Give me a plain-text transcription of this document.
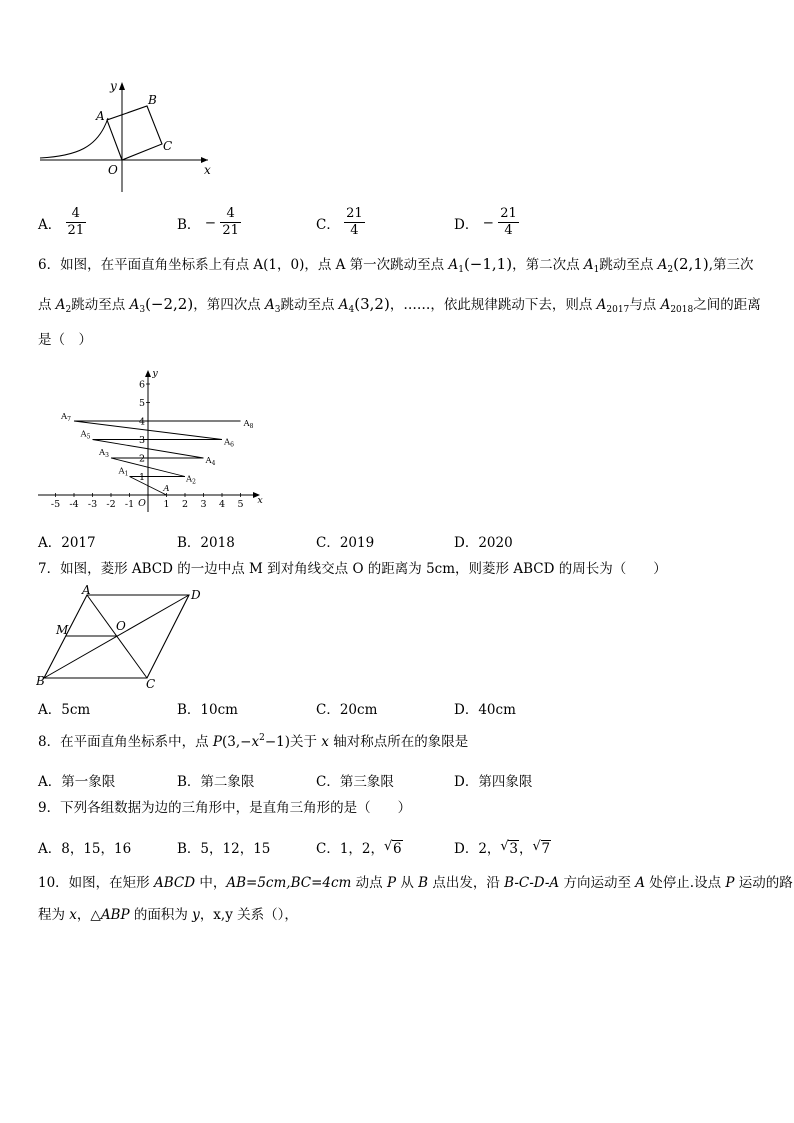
y
x
O
A
B
C
A． $\frac{4}{21}$	B． − $\frac{4}{21}$	C． $\frac{21}{4}$	D． − $\frac{21}{4}$
6．如图，在平面直角坐标系上有点 A(1，0)，点 A 第一次跳动至点 $A_1(-1,1)$，第二次点 $A_1$跳动至点 $A_2(2,1)$,第三次
点 $A_2$跳动至点 $A_3(-2,2)$，第四次点 $A_3$跳动至点 $A_4(3,2)$，……，依此规律跳动下去，则点 $A_{2017}$与点 $A_{2018}$之间的距离
是（　）
y
x
O
-5 -4 -3 -2 -1	1 2 3 4 5
1
2
3
4
5
6
A
$A_1$
$A_2$
$A_3$
$A_4$
$A_5$
$A_6$
$A_7$	$A_8$
A．2017	B．2018	C．2019	D．2020
7．如图，菱形 ABCD 的一边中点 M 到对角线交点 O 的距离为 5cm，则菱形 ABCD 的周长为（　　）
A	D
B	C
M	O
A．5cm	B．10cm	C．20cm	D．40cm
8．在平面直角坐标系中，点 $P(3,-x^2-1)$关于 x 轴对称点所在的象限是
A．第一象限	B．第二象限	C．第三象限	D．第四象限
9．下列各组数据为边的三角形中，是直角三角形的是（　　）
A．8，15，16	B．5，12，15	C．1，2， √ 6	D．2， √ 3， √ 7
10．如图，在矩形 ABCD 中，AB=5cm,BC=4cm 动点 P 从 B 点出发，沿 B-C-D-A 方向运动至 A 处停止.设点 P 运动的路
程为 x，△ABP 的面积为 y，x,y 关系（），
